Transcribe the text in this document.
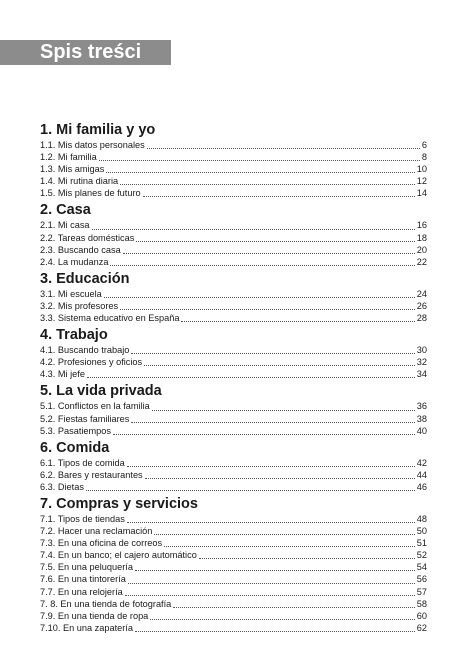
Spis treści
1. Mi familia y yo
1.1. Mis datos personales	6
1.2. Mi familia	8
1.3. Mis amigas	10
1.4. Mi rutina diaria	12
1.5. Mis planes de futuro	14
2. Casa
2.1. Mi casa	16
2.2. Tareas domésticas	18
2.3. Buscando casa	20
2.4. La mudanza	22
3. Educación
3.1. Mi escuela	24
3.2. Mis profesores	26
3.3. Sistema educativo en España	28
4. Trabajo
4.1. Buscando trabajo	30
4.2. Profesiones y oficios	32
4.3. Mi jefe	34
5. La vida privada
5.1. Conflictos en la familia	36
5.2. Fiestas familiares	38
5.3. Pasatiempos	40
6. Comida
6.1. Tipos de comida	42
6.2. Bares y restaurantes	44
6.3. Dietas	46
7. Compras y servicios
7.1. Tipos de tiendas	48
7.2. Hacer una reclamación	50
7.3. En una oficina de correos	51
7.4. En un banco; el cajero automático	52
7.5. En una peluquería	54
7.6. En una tintorería	56
7.7. En una relojería	57
7. 8. En una tienda de fotografía	58
7.9. En una tienda de ropa	60
7.10. En una zapatería	62
